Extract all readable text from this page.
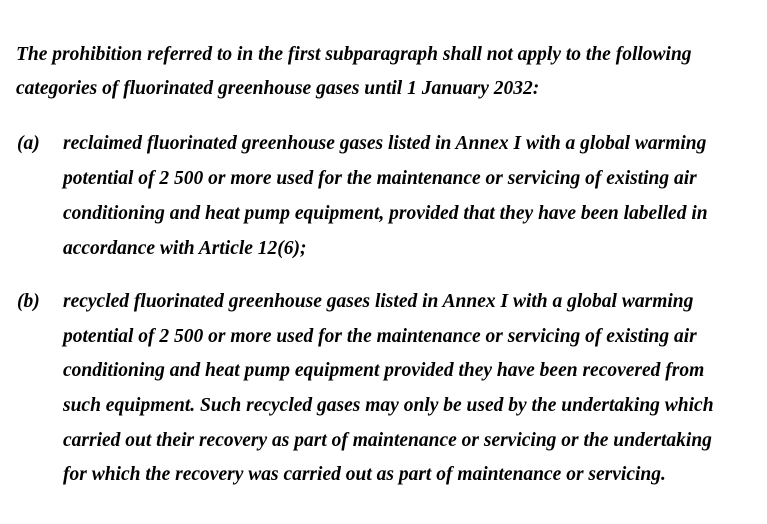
The prohibition referred to in the first subparagraph shall not apply to the following
categories of fluorinated greenhouse gases until 1 January 2032:
(a) reclaimed fluorinated greenhouse gases listed in Annex I with a global warming
potential of 2 500 or more used for the maintenance or servicing of existing air
conditioning and heat pump equipment, provided that they have been labelled in
accordance with Article 12(6);
(b) recycled fluorinated greenhouse gases listed in Annex I with a global warming
potential of 2 500 or more used for the maintenance or servicing of existing air
conditioning and heat pump equipment provided they have been recovered from
such equipment. Such recycled gases may only be used by the undertaking which
carried out their recovery as part of maintenance or servicing or the undertaking
for which the recovery was carried out as part of maintenance or servicing.
